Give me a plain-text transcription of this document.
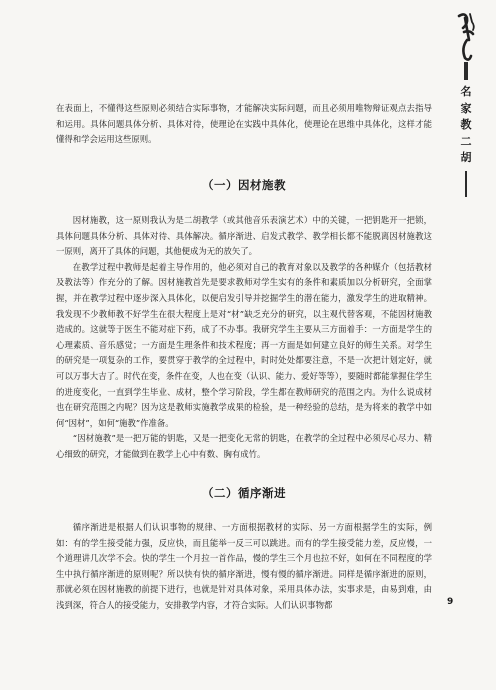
名家教二胡

在表面上，不懂得这些原则必须结合实际事物，才能解决实际问题，而且必须用唯物辩证观点去指导和运用。具体问题具体分析、具体对待，使理论在实践中具体化，使理论在思维中具体化，这样才能懂得和学会运用这些原则。

（一）因材施教

因材施教，这一原则我认为是二胡教学（或其他音乐表演艺术）中的关键，一把钥匙开一把锁，具体问题具体分析、具体对待、具体解决。循序渐进、启发式教学、教学相长都不能脱离因材施教这一原则，离开了具体的问题，其他便成为无的放矢了。

在教学过程中教师是起着主导作用的，他必须对自己的教育对象以及教学的各种媒介（包括教材及教法等）作充分的了解。因材施教首先是要求教师对学生实有的条件和素质加以分析研究，全面掌握，并在教学过程中逐步深入具体化，以便启发引导并挖掘学生的潜在能力，激发学生的进取精神。我发现不少教师教不好学生在很大程度上是对“材”缺乏充分的研究，以主观代替客观，不能因材施教造成的。这就等于医生不能对症下药，成了不办事。我研究学生主要从三方面着手：一方面是学生的心理素质、音乐感觉；一方面是生理条件和技术程度；再一方面是如何建立良好的师生关系。对学生的研究是一项复杂的工作，要贯穿于教学的全过程中，时时处处都要注意，不是一次把计划定好，就可以万事大吉了。时代在变，条件在变，人也在变（认识、能力、爱好等等），要随时都能掌握住学生的进度变化，一直到学生毕业、成材，整个学习阶段，学生都在教师研究的范围之内。为什么说成材也在研究范围之内呢？因为这是教师实施教学成果的检验，是一种经验的总结，是为将来的教学中如何“因材”，如何“施教”作准备。

“因材施教”是一把万能的钥匙，又是一把变化无常的钥匙，在教学的全过程中必须尽心尽力、精心细致的研究，才能做到在教学上心中有数、胸有成竹。

（二）循序渐进

循序渐进是根据人们认识事物的规律、一方面根据教材的实际、另一方面根据学生的实际，例如：有的学生接受能力强，反应快，而且能举一反三可以跳进。而有的学生接受能力差，反应慢，一个道理讲几次学不会。快的学生一个月拉一首作品，慢的学生三个月也拉不好，如何在不同程度的学生中执行循序渐进的原则呢？所以快有快的循序渐进，慢有慢的循序渐进。同样是循序渐进的原则，那就必须在因材施教的前提下进行，也就是针对具体对象，采用具体办法，实事求是，由易到难，由浅到深，符合人的接受能力，安排教学内容，才符合实际。人们认识事物都	9
